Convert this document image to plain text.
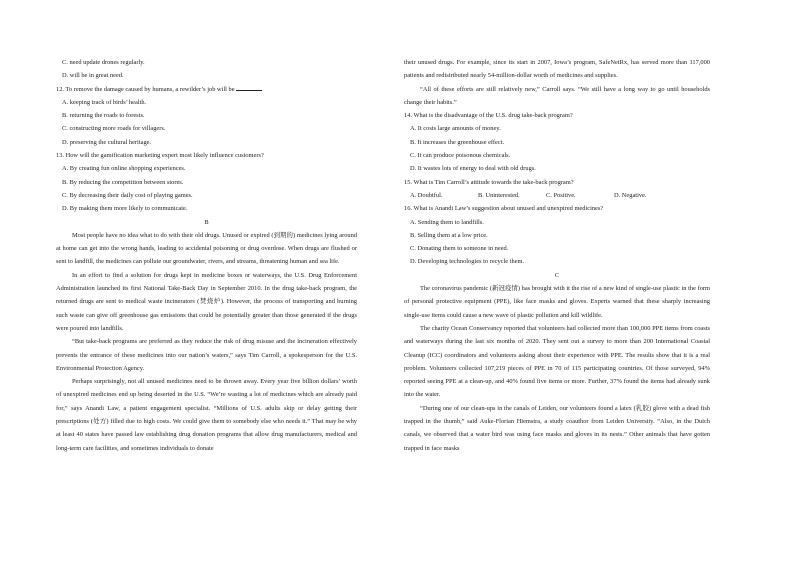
C. need update drones regularly.
D. will be in great need.
12. To remove the damage caused by humans, a rewilder’s job will be
A. keeping track of birds’ health.
B. returning the roads to forests.
C. constructing more roads for villagers.
D. preserving the cultural heritage.
13. How will the gamification marketing expert most likely influence customers?
A. By creating fun online shopping experiences.
B. By reducing the competition between stores.
C. By decreasing their daily cost of playing games.
D. By making them more likely to communicate.
B

Most people have no idea what to do with their old drugs. Unused or expired (到期的) medicines lying around at home can get into the wrong hands, leading to accidental poisoning or drug overdose. When drugs are flushed or sent to landfill, the medicines can pollute our groundwater, rivers, and streams, threatening human and sea life.

In an effort to find a solution for drugs kept in medicine boxes or waterways, the U.S. Drug Enforcement Administration launched its first National Take-Back Day in September 2010. In the drug take-back program, the returned drugs are sent to medical waste incinerators (焚烧炉). However, the process of transporting and burning such waste can give off greenhouse gas emissions that could be potentially greater than those generated if the drugs were poured into landfills.

“But take-back programs are preferred as they reduce the risk of drug misuse and the incineration effectively prevents the entrance of these medicines into our nation’s waters,” says Tim Carroll, a spokesperson for the U.S. Environmental Protection Agency.

Perhaps surprisingly, not all unused medicines need to be thrown away. Every year five billion dollars’ worth of unexpired medicines end up being deserted in the U.S. “We’re wasting a lot of medicines which are already paid for,” says Anandi Law, a patient engagement specialist. “Millions of U.S. adults skip or delay getting their prescriptions (处方) filled due to high costs. We could give them to somebody else who needs it.” That may be why at least 40 states have passed law establishing drug donation programs that allow drug manufacturers, medical and long-term care facilities, and sometimes individuals to donate

their unused drugs. For example, since its start in 2007, Iowa’s program, SafeNetRx, has served more than 117,000 patients and redistributed nearly 54-million-dollar worth of medicines and supplies.

“All of these efforts are still relatively new,” Carroll says. “We still have a long way to go until households change their habits.”

14. What is the disadvantage of the U.S. drug take-back program?
A. It costs large amounts of money.
B. It increases the greenhouse effect.
C. It can produce poisonous chemicals.
D. It wastes lots of energy to deal with old drugs.
15. What is Tim Carroll’s attitude towards the take-back program?
A. Doubtful.	B. Uninterested.	C. Positive.	D. Negative.
16. What is Anandi Law’s suggestion about unused and unexpired medicines?
A. Sending them to landfills.
B. Selling them at a low price.
C. Donating them to someone in need.
D. Developing technologies to recycle them.
C

The coronavirus pandemic (新冠疫情) has brought with it the rise of a new kind of single-use plastic in the form of personal protective equipment (PPE), like face masks and gloves. Experts warned that these sharply increasing single-use items could cause a new wave of plastic pollution and kill wildlife.

The charity Ocean Conservancy reported that volunteers had collected more than 100,000 PPE items from coasts and waterways during the last six months of 2020. They sent out a survey to more than 200 International Coastal Cleanup (ICC) coordinators and volunteers asking about their experience with PPE. The results show that it is a real problem. Volunteers collected 107,219 pieces of PPE in 70 of 115 participating countries. Of those surveyed, 94% reported seeing PPE at a clean-up, and 40% found five items or more. Further, 37% found the items had already sunk into the water.

“During one of our clean-ups in the canals of Leiden, our volunteers found a latex (乳胶) glove with a dead fish trapped in the thumb,” said Auke-Florian Hiemstra, a study coauthor from Leiden University. “Also, in the Dutch canals, we observed that a water bird was using face masks and gloves in its nests.” Other animals that have gotten trapped in face masks
